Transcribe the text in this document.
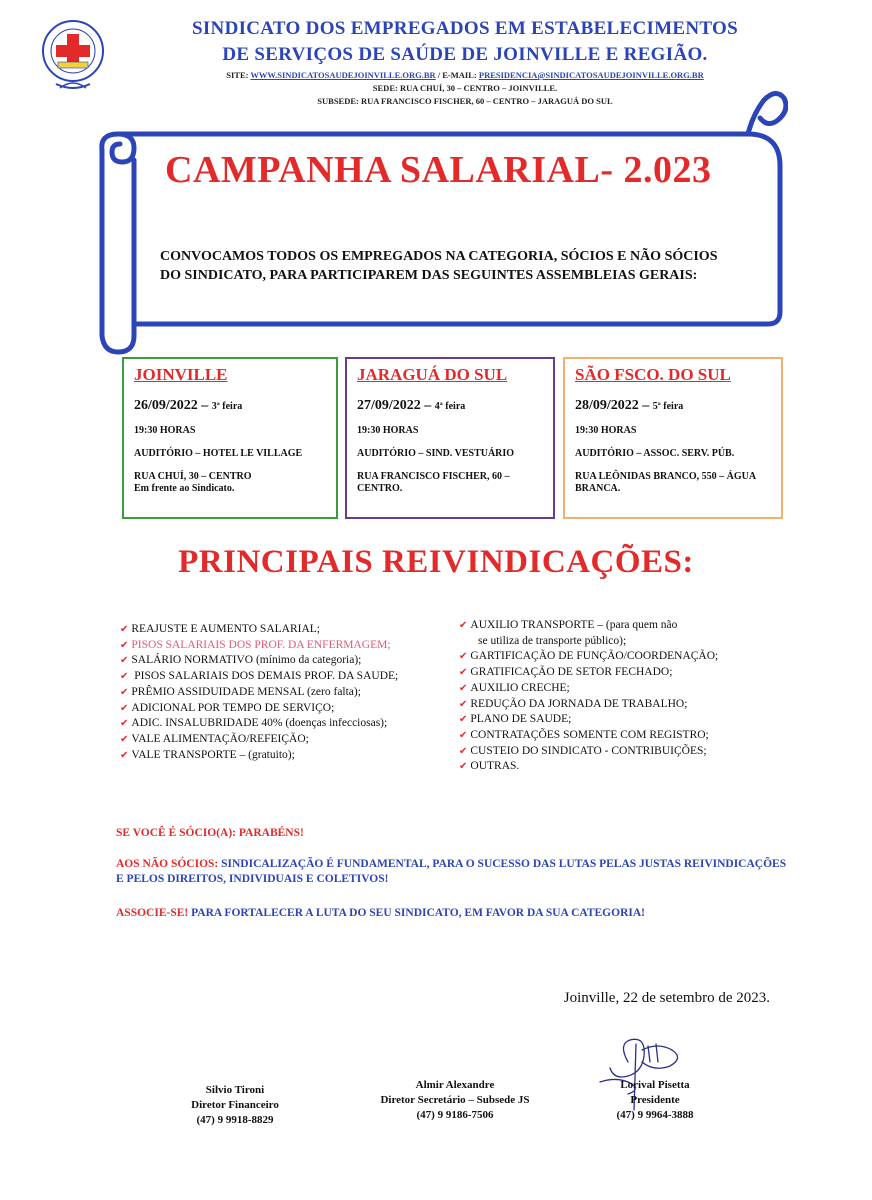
SINDICATO DOS EMPREGADOS EM ESTABELECIMENTOS
DE SERVIÇOS DE SAÚDE DE JOINVILLE E REGIÃO.
SITE: WWW.SINDICATOSAUDEJOINVILLE.ORG.BR / E-MAIL: PRESIDENCIA@SINDICATOSAUDEJOINVILLE.ORG.BR
SEDE: RUA CHUÍ, 30 – CENTRO – JOINVILLE.
SUBSEDE: RUA FRANCISCO FISCHER, 60 – CENTRO – JARAGUÁ DO SUL
CAMPANHA SALARIAL- 2.023
CONVOCAMOS TODOS OS EMPREGADOS NA CATEGORIA, SÓCIOS E NÃO SÓCIOS DO SINDICATO, PARA PARTICIPAREM DAS SEGUINTES ASSEMBLEIAS GERAIS:
JOINVILLE
26/09/2022 – 3ª feira
19:30 HORAS
AUDITÓRIO – HOTEL LE VILLAGE
RUA CHUÍ, 30 – CENTRO
Em frente ao Sindicato.
JARAGUÁ DO SUL
27/09/2022 – 4ª feira
19:30 HORAS
AUDITÓRIO – SIND. VESTUÁRIO
RUA FRANCISCO FISCHER, 60 – CENTRO.
SÃO FSCO. DO SUL
28/09/2022 – 5ª feira
19:30 HORAS
AUDITÓRIO – ASSOC. SERV. PÚB.
RUA LEÔNIDAS BRANCO, 550 – ÁGUA BRANCA.
PRINCIPAIS REIVINDICAÇÕES:
✔ REAJUSTE E AUMENTO SALARIAL;
✔ PISOS SALARIAIS DOS PROF. DA ENFERMAGEM;
✔ SALÁRIO NORMATIVO (mínimo da categoria);
✔ PISOS SALARIAIS DOS DEMAIS PROF. DA SAUDE;
✔ PRÊMIO ASSIDUIDADE MENSAL (zero falta);
✔ ADICIONAL POR TEMPO DE SERVIÇO;
✔ ADIC. INSALUBRIDADE 40% (doenças infecciosas);
✔ VALE ALIMENTAÇÃO/REFEIÇÃO;
✔ VALE TRANSPORTE – (gratuito);
✔ AUXILIO TRANSPORTE – (para quem não
se utiliza de transporte público);
✔ GARTIFICAÇÃO DE FUNÇÃO/COORDENAÇÃO;
✔ GRATIFICAÇÃO DE SETOR FECHADO;
✔ AUXILIO CRECHE;
✔ REDUÇÃO DA JORNADA DE TRABALHO;
✔ PLANO DE SAUDE;
✔ CONTRATAÇÕES SOMENTE COM REGISTRO;
✔ CUSTEIO DO SINDICATO - CONTRIBUIÇÕES;
✔ OUTRAS.
SE VOCÊ É SÓCIO(A): PARABÉNS!
AOS NÃO SÓCIOS: SINDICALIZAÇÃO É FUNDAMENTAL, PARA O SUCESSO DAS LUTAS PELAS JUSTAS REIVINDICAÇÕES E PELOS DIREITOS, INDIVIDUAIS E COLETIVOS!
ASSOCIE-SE! PARA FORTALECER A LUTA DO SEU SINDICATO, EM FAVOR DA SUA CATEGORIA!
Joinville, 22 de setembro de 2023.
Silvio Tironi
Diretor Financeiro
(47) 9 9918-8829
Almir Alexandre
Diretor Secretário – Subsede JS
(47) 9 9186-7506
Lorival Pisetta
Presidente
(47) 9 9964-3888
